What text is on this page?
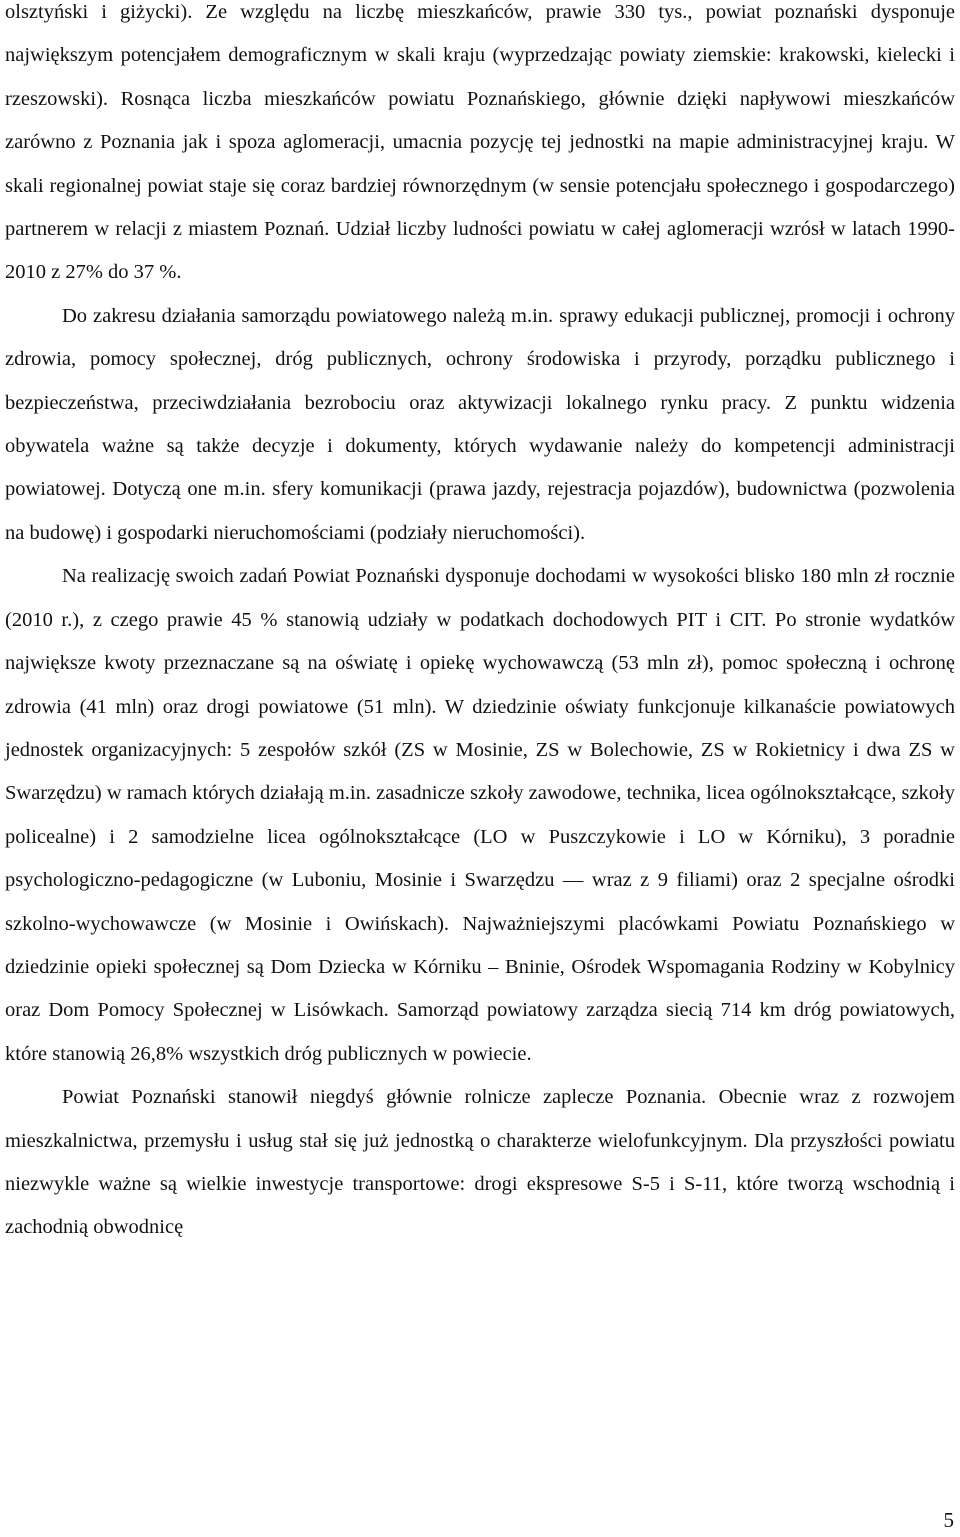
olsztyński i giżycki). Ze względu na liczbę mieszkańców, prawie 330 tys., powiat poznański dysponuje największym potencjałem demograficznym w skali kraju (wyprzedzając powiaty ziemskie: krakowski, kielecki i rzeszowski). Rosnąca liczba mieszkańców powiatu Poznańskiego, głównie dzięki napływowi mieszkańców zarówno z Poznania jak i spoza aglomeracji, umacnia pozycję tej jednostki na mapie administracyjnej kraju. W skali regionalnej powiat staje się coraz bardziej równorzędnym (w sensie potencjału społecznego i gospodarczego) partnerem w relacji z miastem Poznań. Udział liczby ludności powiatu w całej aglomeracji wzrósł w latach 1990-2010 z 27% do 37 %.

Do zakresu działania samorządu powiatowego należą m.in. sprawy edukacji publicznej, promocji i ochrony zdrowia, pomocy społecznej, dróg publicznych, ochrony środowiska i przyrody, porządku publicznego i bezpieczeństwa, przeciwdziałania bezrobociu oraz aktywizacji lokalnego rynku pracy. Z punktu widzenia obywatela ważne są także decyzje i dokumenty, których wydawanie należy do kompetencji administracji powiatowej. Dotyczą one m.in. sfery komunikacji (prawa jazdy, rejestracja pojazdów), budownictwa (pozwolenia na budowę) i gospodarki nieruchomościami (podziały nieruchomości).

Na realizację swoich zadań Powiat Poznański dysponuje dochodami w wysokości blisko 180 mln zł rocznie (2010 r.), z czego prawie 45 % stanowią udziały w podatkach dochodowych PIT i CIT. Po stronie wydatków największe kwoty przeznaczane są na oświatę i opiekę wychowawczą (53 mln zł), pomoc społeczną i ochronę zdrowia (41 mln) oraz drogi powiatowe (51 mln). W dziedzinie oświaty funkcjonuje kilkanaście powiatowych jednostek organizacyjnych: 5 zespołów szkół (ZS w Mosinie, ZS w Bolechowie, ZS w Rokietnicy i dwa ZS w Swarzędzu) w ramach których działają m.in. zasadnicze szkoły zawodowe, technika, licea ogólnokształcące, szkoły policealne) i 2 samodzielne licea ogólnokształcące (LO w Puszczykowie i LO w Kórniku), 3 poradnie psychologiczno-pedagogiczne (w Luboniu, Mosinie i Swarzędzu — wraz z 9 filiami) oraz 2 specjalne ośrodki szkolno-wychowawcze (w Mosinie i Owińskach). Najważniejszymi placówkami Powiatu Poznańskiego w dziedzinie opieki społecznej są Dom Dziecka w Kórniku – Bninie, Ośrodek Wspomagania Rodziny w Kobylnicy oraz Dom Pomocy Społecznej w Lisówkach. Samorząd powiatowy zarządza siecią 714 km dróg powiatowych, które stanowią 26,8% wszystkich dróg publicznych w powiecie.

Powiat Poznański stanowił niegdyś głównie rolnicze zaplecze Poznania. Obecnie wraz z rozwojem mieszkalnictwa, przemysłu i usług stał się już jednostką o charakterze wielofunkcyjnym. Dla przyszłości powiatu niezwykle ważne są wielkie inwestycje transportowe: drogi ekspresowe S-5 i S-11, które tworzą wschodnią i zachodnią obwodnicę

5
